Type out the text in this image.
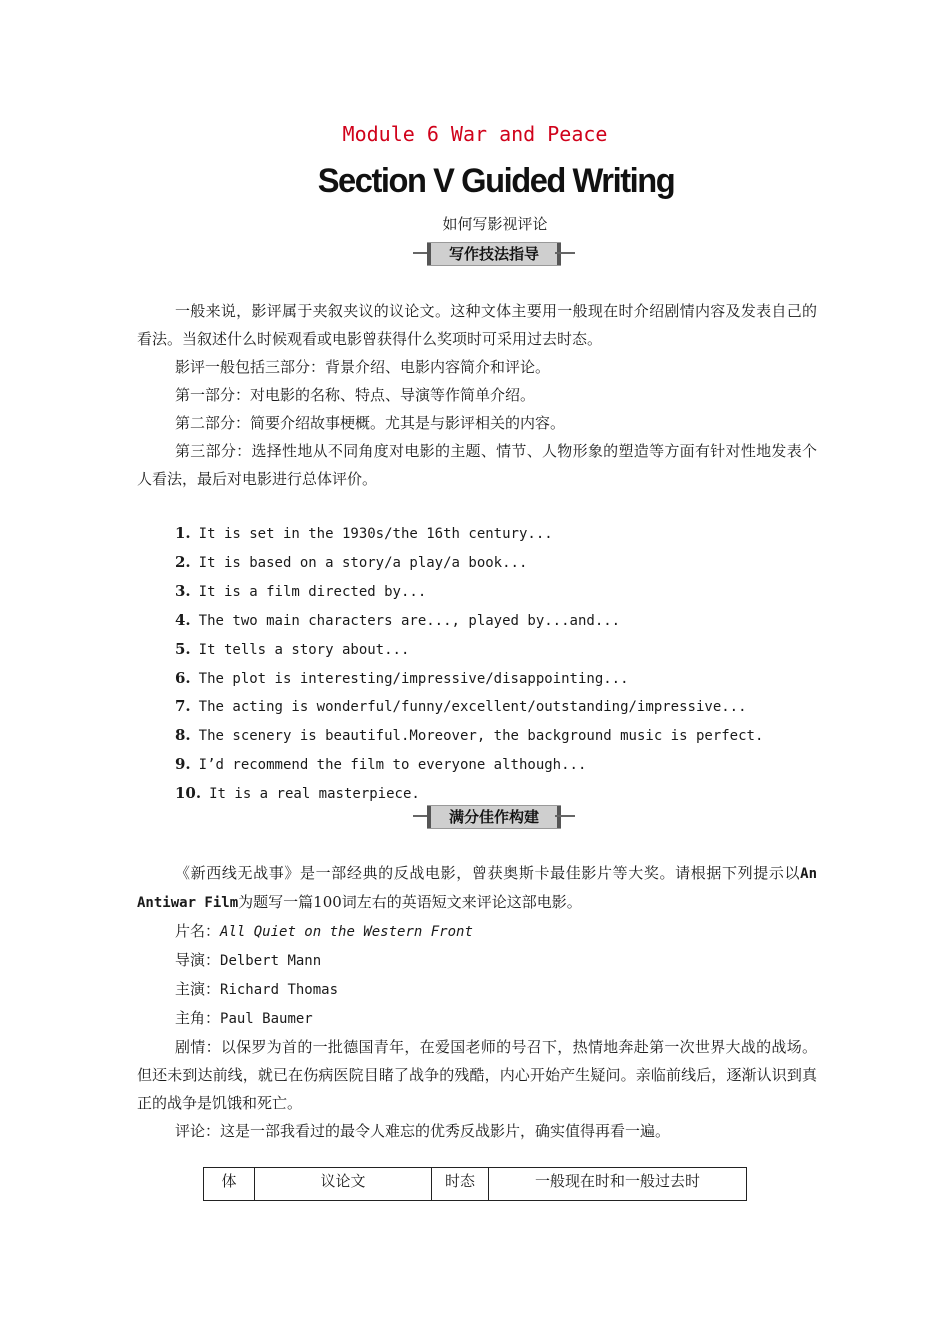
Module 6 War and Peace
Section V Guided Writing
如何写影视评论
写作技法指导

一般来说，影评属于夹叙夹议的议论文。这种文体主要用一般现在时介绍剧情内容及发表自己的看法。当叙述什么时候观看或电影曾获得什么奖项时可采用过去时态。

影评一般包括三部分：背景介绍、电影内容简介和评论。

第一部分：对电影的名称、特点、导演等作简单介绍。

第二部分：简要介绍故事梗概。尤其是与影评相关的内容。

第三部分：选择性地从不同角度对电影的主题、情节、人物形象的塑造等方面有针对性地发表个人看法，最后对电影进行总体评价。

1. It is set in the 1930s/the 16th century...
2. It is based on a story/a play/a book...
3. It is a film directed by...
4. The two main characters are..., played by...and...
5. It tells a story about...
6. The plot is interesting/impressive/disappointing...
7. The acting is wonderful/funny/excellent/outstanding/impressive...
8. The scenery is beautiful.Moreover, the background music is perfect.
9. I’d recommend the film to everyone although...
10. It is a real masterpiece.
满分佳作构建

《新西线无战事》是一部经典的反战电影，曾获奥斯卡最佳影片等大奖。请根据下列提示以An Antiwar Film为题写一篇100词左右的英语短文来评论这部电影。

片名：All Quiet on the Western Front

导演：Delbert Mann

主演：Richard Thomas

主角：Paul Baumer

剧情：以保罗为首的一批德国青年，在爱国老师的号召下，热情地奔赴第一次世界大战的战场。但还未到达前线，就已在伤病医院目睹了战争的残酷，内心开始产生疑问。亲临前线后，逐渐认识到真正的战争是饥饿和死亡。

评论：这是一部我看过的最令人难忘的优秀反战影片，确实值得再看一遍。

体	议论文	时态	一般现在时和一般过去时
